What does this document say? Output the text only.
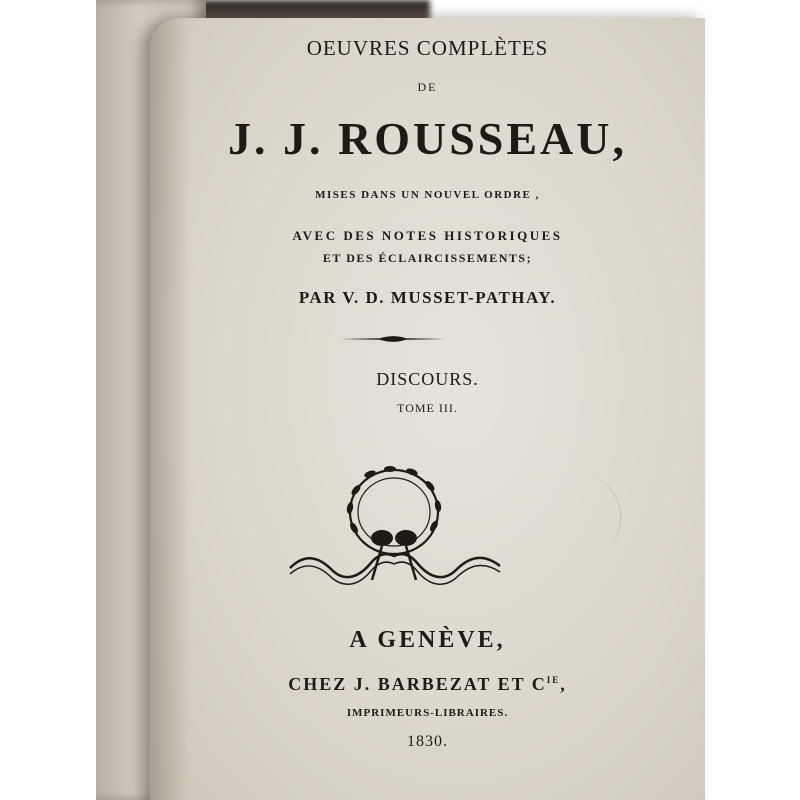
OEUVRES COMPLÈTES
DE
J. J. ROUSSEAU,
MISES DANS UN NOUVEL ORDRE ,
AVEC DES NOTES HISTORIQUES
ET DES ÉCLAIRCISSEMENTS;
PAR V. D. MUSSET-PATHAY.
DISCOURS.
TOME III.
A GENÈVE,
CHEZ J. BARBEZAT ET $C^{IE}$,
IMPRIMEURS-LIBRAIRES.
1830.
